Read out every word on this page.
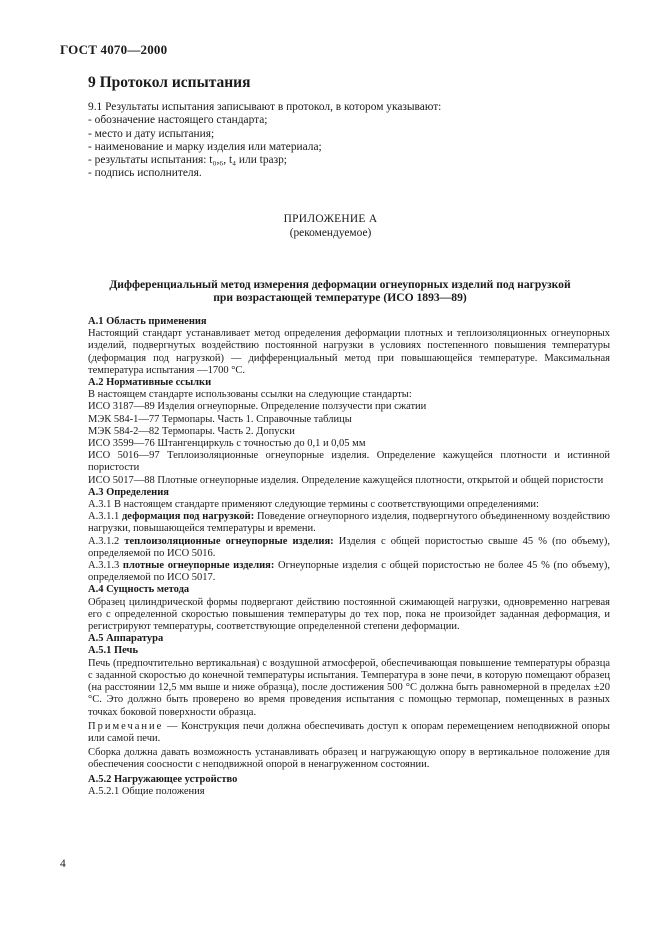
ГОСТ 4070—2000
9 Протокол испытания
9.1 Результаты испытания записывают в протокол, в котором указывают:
- обозначение настоящего стандарта;
- место и дату испытания;
- наименование и марку изделия или материала;
- результаты испытания: t₀,₆, t₄ или tразр;
- подпись исполнителя.
ПРИЛОЖЕНИЕ А
(рекомендуемое)
Дифференциальный метод измерения деформации огнеупорных изделий под нагрузкой
при возрастающей температуре (ИСО 1893—89)

А.1 Область применения

Настоящий стандарт устанавливает метод определения деформации плотных и теплоизоляционных огнеупорных изделий, подвергнутых воздействию постоянной нагрузки в условиях постепенного повышения температуры (деформация под нагрузкой) — дифференциальный метод при повышающейся температуре. Максимальная температура испытания —1700 °С.

А.2 Нормативные ссылки

В настоящем стандарте использованы ссылки на следующие стандарты:

ИСО 3187—89 Изделия огнеупорные. Определение ползучести при сжатии

МЭК 584-1—77 Термопары. Часть 1. Справочные таблицы

МЭК 584-2—82 Термопары. Часть 2. Допуски

ИСО 3599—76 Штангенциркуль с точностью до 0,1 и 0,05 мм

ИСО 5016—97 Теплоизоляционные огнеупорные изделия. Определение кажущейся плотности и истинной пористости

ИСО 5017—88 Плотные огнеупорные изделия. Определение кажущейся плотности, открытой и общей пористости

А.3 Определения

А.3.1 В настоящем стандарте применяют следующие термины с соответствующими определениями:

А.3.1.1 деформация под нагрузкой: Поведение огнеупорного изделия, подвергнутого объединенному воздействию нагрузки, повышающейся температуры и времени.

А.3.1.2 теплоизоляционные огнеупорные изделия: Изделия с общей пористостью свыше 45 % (по объему), определяемой по ИСО 5016.

А.3.1.3 плотные огнеупорные изделия: Огнеупорные изделия с общей пористостью не более 45 % (по объему), определяемой по ИСО 5017.

А.4 Сущность метода

Образец цилиндрической формы подвергают действию постоянной сжимающей нагрузки, одновременно нагревая его с определенной скоростью повышения температуры до тех пор, пока не произойдет заданная деформация, и регистрируют температуры, соответствующие определенной степени деформации.

А.5 Аппаратура

А.5.1 Печь

Печь (предпочтительно вертикальная) с воздушной атмосферой, обеспечивающая повышение температуры образца с заданной скоростью до конечной температуры испытания. Температура в зоне печи, в которую помещают образец (на расстоянии 12,5 мм выше и ниже образца), после достижения 500 °С должна быть равномерной в пределах ±20 °С. Это должно быть проверено во время проведения испытания с помощью термопар, помещенных в разных точках боковой поверхности образца.

Примечание — Конструкция печи должна обеспечивать доступ к опорам перемещением неподвижной опоры или самой печи.

Сборка должна давать возможность устанавливать образец и нагружающую опору в вертикальное положение для обеспечения соосности с неподвижной опорой в ненагруженном состоянии.

А.5.2 Нагружающее устройство

А.5.2.1 Общие положения

4
